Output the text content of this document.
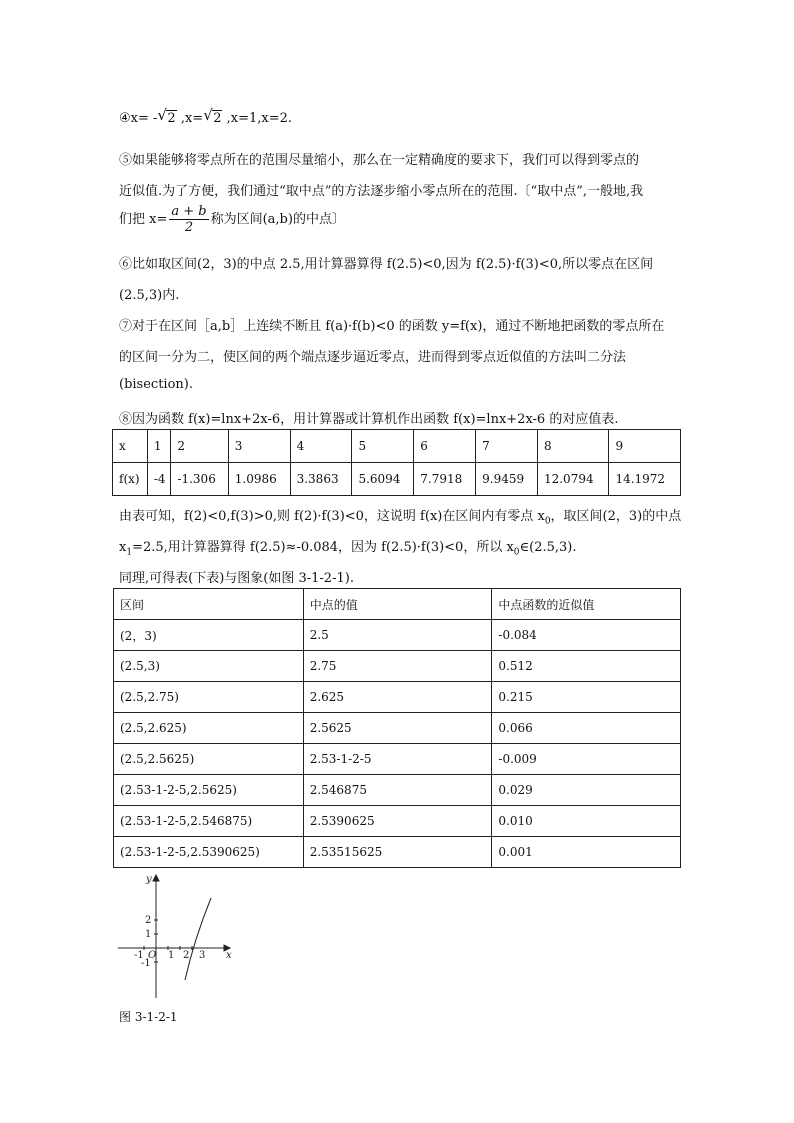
④x= - √ 2 ,x= √ 2 ,x=1,x=2.
⑤如果能够将零点所在的范围尽量缩小，那么在一定精确度的要求下，我们可以得到零点的
近似值.为了方便，我们通过“取中点”的方法逐步缩小零点所在的范围.〔“取中点”,一般地,我
们把 $x= \frac{a + b}{2}$ 称为区间(a,b)的中点〕
⑥比如取区间(2，3)的中点 2.5,用计算器算得 f(2.5)<0,因为 f(2.5)·f(3)<0,所以零点在区间
(2.5,3)内.
⑦对于在区间［a,b］上连续不断且 f(a)·f(b)<0 的函数 y=f(x)，通过不断地把函数的零点所在
的区间一分为二，使区间的两个端点逐步逼近零点，进而得到零点近似值的方法叫二分法
(bisection).
⑧因为函数 f(x)=lnx+2x-6，用计算器或计算机作出函数 f(x)=lnx+2x-6 的对应值表.
x	1	2	3	4	5	6	7	8	9
f(x)	-4	-1.306	1.0986	3.3863	5.6094	7.7918	9.9459	12.0794	14.1972
由表可知，f(2)<0,f(3)>0,则 f(2)·f(3)<0，这说明 f(x)在区间内有零点 $x_0$，取区间(2，3)的中点
$x_1=2.5$,用计算器算得 f(2.5)≈-0.084，因为 f(2.5)·f(3)<0，所以 $x_0\in(2.5,3)$.
同理,可得表(下表)与图象(如图 3-1-2-1).
区间	中点的值	中点函数的近似值
(2，3)	2.5	-0.084
(2.5,3)	2.75	0.512
(2.5,2.75)	2.625	0.215
(2.5,2.625)	2.5625	0.066
(2.5,2.5625)	2.53-1-2-5	-0.009
(2.53-1-2-5,2.5625)	2.546875	0.029
(2.53-1-2-5,2.546875)	2.5390625	0.010
(2.53-1-2-5,2.5390625)	2.53515625	0.001
y
x
O
-1 1 2 3
2
1
-1
图 3-1-2-1
